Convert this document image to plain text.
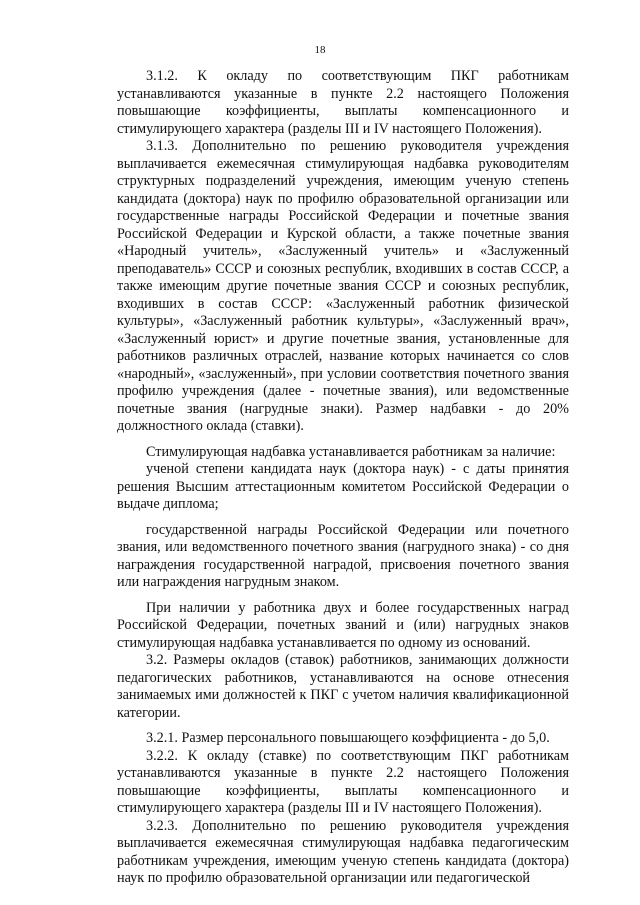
18

3.1.2. К окладу по соответствующим ПКГ работникам устанавливаются указанные в пункте 2.2 настоящего Положения повышающие коэффициенты, выплаты компенсационного и стимулирующего характера (разделы III и IV настоящего Положения).

3.1.3. Дополнительно по решению руководителя учреждения выплачивается ежемесячная стимулирующая надбавка руководителям структурных подразделений учреждения, имеющим ученую степень кандидата (доктора) наук по профилю образовательной организации или государственные награды Российской Федерации и почетные звания Российской Федерации и Курской области, а также почетные звания «Народный учитель», «Заслуженный учитель» и «Заслуженный преподаватель» СССР и союзных республик, входивших в состав СССР, а также имеющим другие почетные звания СССР и союзных республик, входивших в состав СССР: «Заслуженный работник физической культуры», «Заслуженный работник культуры», «Заслуженный врач», «Заслуженный юрист» и другие почетные звания, установленные для работников различных отраслей, название которых начинается со слов «народный», «заслуженный», при условии соответствия почетного звания профилю учреждения (далее - почетные звания), или ведомственные почетные звания (нагрудные знаки). Размер надбавки - до 20% должностного оклада (ставки).

Стимулирующая надбавка устанавливается работникам за наличие:

ученой степени кандидата наук (доктора наук) - с даты принятия решения Высшим аттестационным комитетом Российской Федерации о выдаче диплома;

государственной награды Российской Федерации или почетного звания, или ведомственного почетного звания (нагрудного знака) - со дня награждения государственной наградой, присвоения почетного звания или награждения нагрудным знаком.

При наличии у работника двух и более государственных наград Российской Федерации, почетных званий и (или) нагрудных знаков стимулирующая надбавка устанавливается по одному из оснований.

3.2. Размеры окладов (ставок) работников, занимающих должности педагогических работников, устанавливаются на основе отнесения занимаемых ими должностей к ПКГ с учетом наличия квалификационной категории.

3.2.1. Размер персонального повышающего коэффициента - до 5,0.

3.2.2. К окладу (ставке) по соответствующим ПКГ работникам устанавливаются указанные в пункте 2.2 настоящего Положения повышающие коэффициенты, выплаты компенсационного и стимулирующего характера (разделы III и IV настоящего Положения).

3.2.3. Дополнительно по решению руководителя учреждения выплачивается ежемесячная стимулирующая надбавка педагогическим работникам учреждения, имеющим ученую степень кандидата (доктора) наук по профилю образовательной организации или педагогической
